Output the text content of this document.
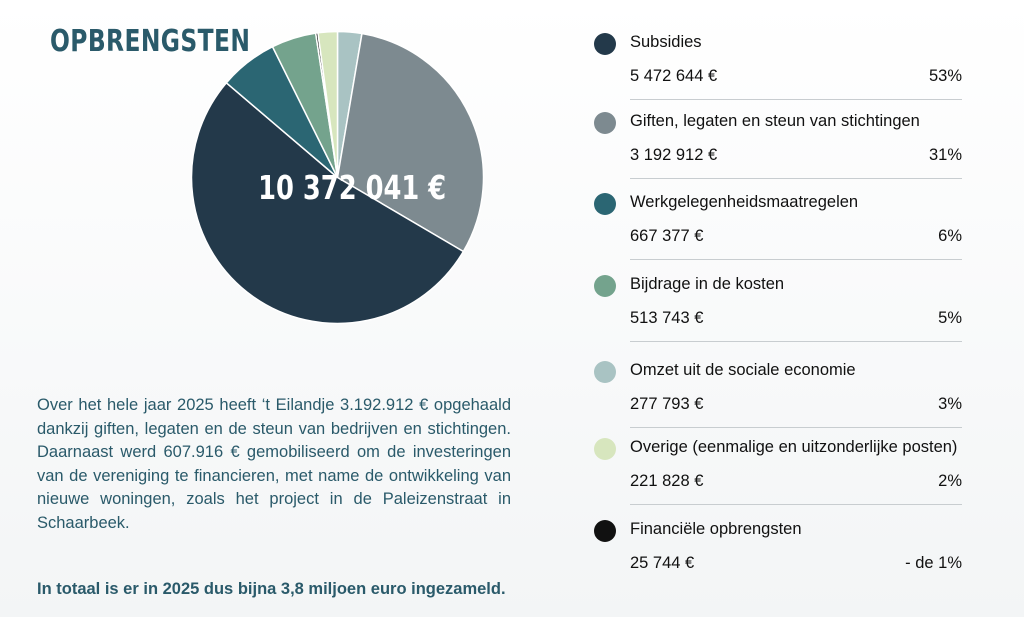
OPBRENGSTEN
10 372 041 €

Over het hele jaar 2025 heeft ‘t Eilandje 3.192.912 € opgehaald dankzij giften, legaten en de steun van bedrijven en stichtingen. Daarnaast werd 607.916 € gemobiliseerd om de investeringen van de vereniging te financieren, met name de ontwikkeling van nieuwe woningen, zoals het project in de Paleizenstraat in Schaarbeek.

In totaal is er in 2025 dus bijna 3,8 miljoen euro ingezameld.
Subsidies
5 472 644 €	53%
Giften, legaten en steun van stichtingen
3 192 912 €	31%
Werkgelegenheidsmaatregelen
667 377 €	6%
Bijdrage in de kosten
513 743 €	5%
Omzet uit de sociale economie
277 793 €	3%
Overige (eenmalige en uitzonderlijke posten)
221 828 €	2%
Financiële opbrengsten
25 744 €	- de 1%
